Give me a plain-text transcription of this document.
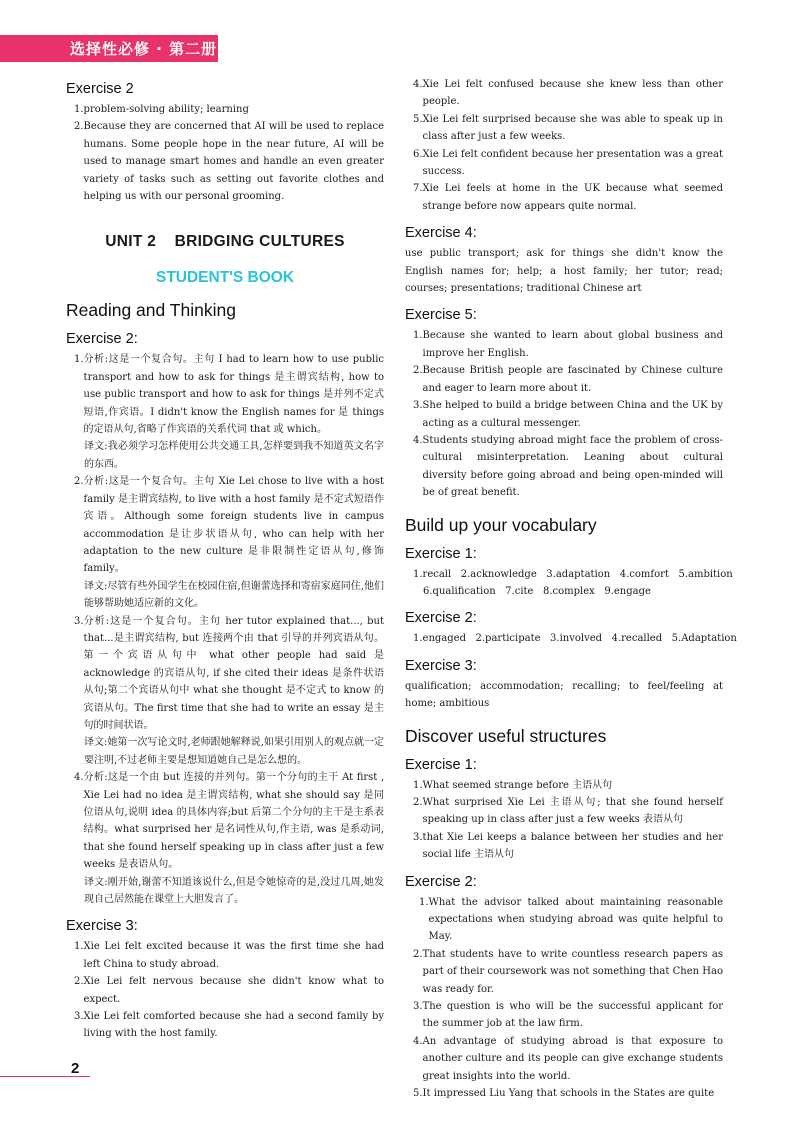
选择性必修 · 第二册
Exercise 2
1. problem-solving ability; learning
2. Because they are concerned that AI will be used to replace humans. Some people hope in the near future, AI will be used to manage smart homes and handle an even greater variety of tasks such as setting out favorite clothes and helping us with our personal grooming.
UNIT 2    BRIDGING CULTURES
STUDENT'S BOOK
Reading and Thinking
Exercise 2:
1. 分析:这是一个复合句。主句 I had to learn how to use public transport and how to ask for things 是主谓宾结构, how to use public transport and how to ask for things 是并列不定式短语,作宾语。I didn't know the English names for 是 things 的定语从句,省略了作宾语的关系代词 that 或 which。
译文:我必须学习怎样使用公共交通工具,怎样要到我不知道英文名字的东西。
2. 分析:这是一个复合句。主句 Xie Lei chose to live with a host family 是主谓宾结构, to live with a host family 是不定式短语作宾语。Although some foreign students live in campus accommodation 是让步状语从句, who can help with her adaptation to the new culture 是非限制性定语从句,修饰 family。
译文:尽管有些外国学生在校园住宿,但谢蕾选择和寄宿家庭同住,他们能够帮助她适应新的文化。
3. 分析:这是一个复合句。主句 her tutor explained that..., but that...是主谓宾结构, but 连接两个由 that 引导的并列宾语从句。第一个宾语从句中 what other people had said 是 acknowledge 的宾语从句, if she cited their ideas 是条件状语从句;第二个宾语从句中 what she thought 是不定式 to know 的宾语从句。The first time that she had to write an essay 是主句的时间状语。
译文:她第一次写论文时,老师跟她解释说,如果引用别人的观点就一定要注明,不过老师主要是想知道她自己是怎么想的。
4. 分析:这是一个由 but 连接的并列句。第一个分句的主干 At first , Xie Lei had no idea 是主谓宾结构, what she should say 是同位语从句,说明 idea 的具体内容;but 后第二个分句的主干是主系表结构。what surprised her 是名词性从句,作主语, was 是系动词, that she found herself speaking up in class after just a few weeks 是表语从句。
译文:刚开始,谢蕾不知道该说什么,但是令她惊奇的是,没过几周,她发现自己居然能在课堂上大胆发言了。
Exercise 3:
1. Xie Lei felt excited because it was the first time she had left China to study abroad.
2. Xie Lei felt nervous because she didn't know what to expect.
3. Xie Lei felt comforted because she had a second family by living with the host family.
4. Xie Lei felt confused because she knew less than other people.
5. Xie Lei felt surprised because she was able to speak up in class after just a few weeks.
6. Xie Lei felt confident because her presentation was a great success.
7. Xie Lei feels at home in the UK because what seemed strange before now appears quite normal.
Exercise 4:
use public transport; ask for things she didn't know the English names for; help; a host family; her tutor; read; courses; presentations; traditional Chinese art
Exercise 5:
1. Because she wanted to learn about global business and improve her English.
2. Because British people are fascinated by Chinese culture and eager to learn more about it.
3. She helped to build a bridge between China and the UK by acting as a cultural messenger.
4. Students studying abroad might face the problem of cross-cultural misinterpretation. Leaning about cultural diversity before going abroad and being open-minded will be of great benefit.
Build up your vocabulary
Exercise 1:
1.recall   2.acknowledge   3.adaptation   4.comfort   5.ambition
6.qualification   7.cite   8.complex   9.engage
Exercise 2:
1.engaged   2.participate   3.involved   4.recalled   5.Adaptation
Exercise 3:
qualification; accommodation; recalling; to feel/feeling at home; ambitious
Discover useful structures
Exercise 1:
1. What seemed strange before 主语从句
2. What surprised Xie Lei 主语从句; that she found herself speaking up in class after just a few weeks 表语从句
3. that Xie Lei keeps a balance between her studies and her social life 主语从句
Exercise 2:
1. What the advisor talked about maintaining reasonable expectations when studying abroad was quite helpful to May.
2. That students have to write countless research papers as part of their coursework was not something that Chen Hao was ready for.
3. The question is who will be the successful applicant for the summer job at the law firm.
4. An advantage of studying abroad is that exposure to another culture and its people can give exchange students great insights into the world.
5. It impressed Liu Yang that schools in the States are quite
2
